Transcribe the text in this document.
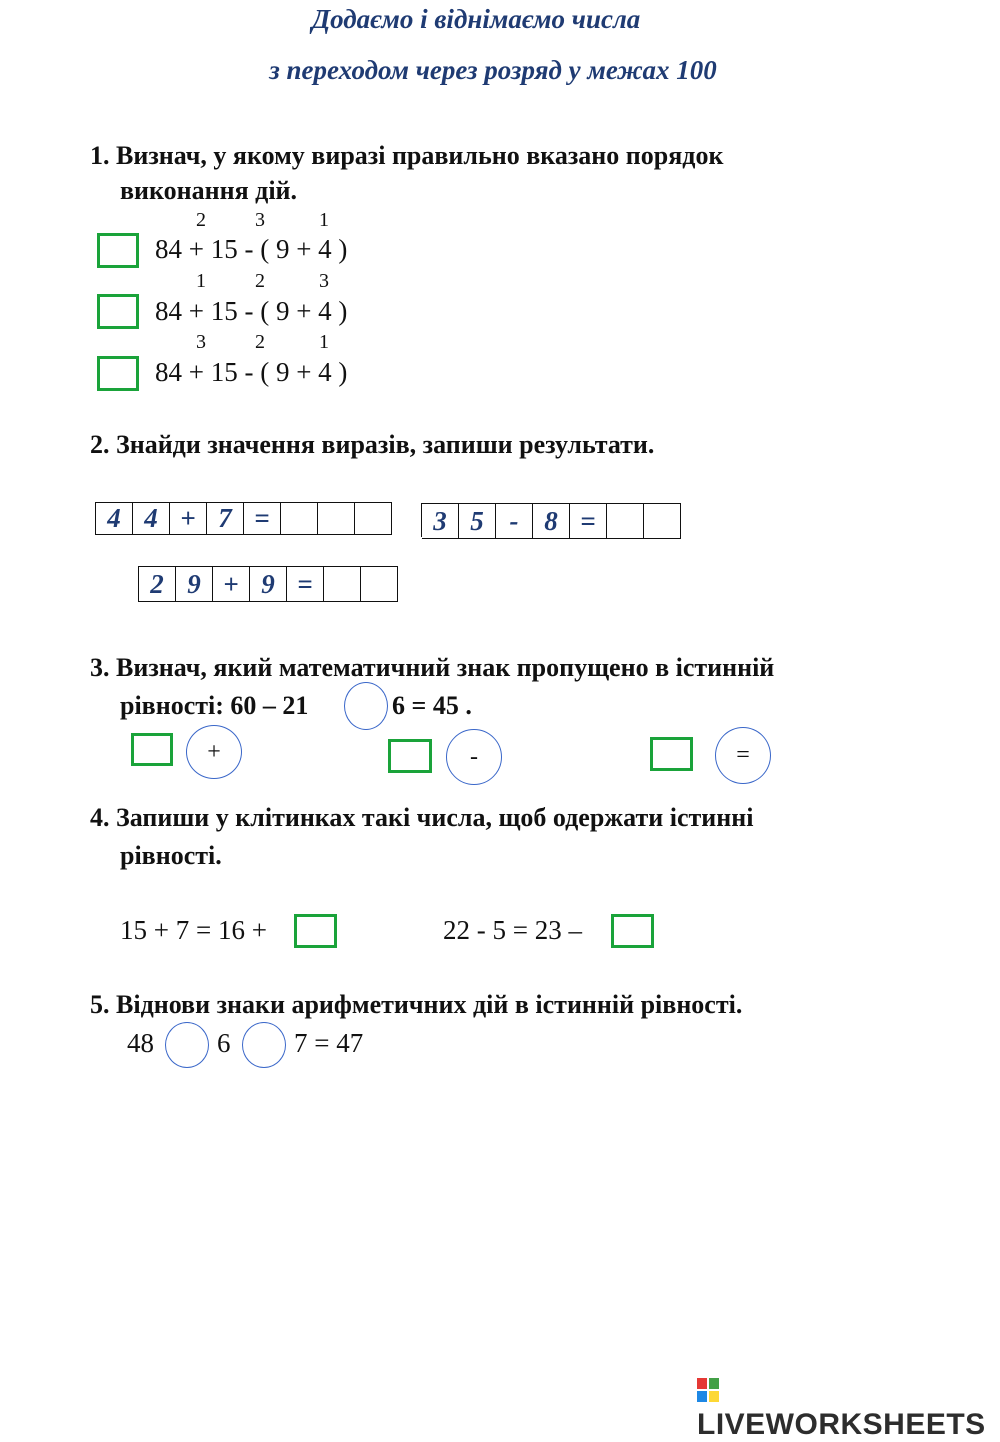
Додаємо і віднімаємо числа
з переходом через розряд у межах 100
1. Визнач, у якому виразі правильно вказано порядок
виконання дій.
2 3	1
84 + 15 - ( 9 + 4 )
1 2	3
84 + 15 - ( 9 + 4 )
3 2	1
84 + 15 - ( 9 + 4 )
2. Знайди значення виразів, запиши результати.
4 4 + 7 =	3 5 - 8 =
2 9 + 9 =
3. Визнач, який математичний знак пропущено в істинній
рівності: 60 – 21	6 = 45 .
+	-	=
4. Запиши у клітинках такі числа, щоб одержати істинні
рівності.
15 + 7 = 16 +	22 - 5 = 23 –
5. Віднови знаки арифметичних дій в істинній рівності.
48 6 7 = 47
LIVEWORKSHEETS
